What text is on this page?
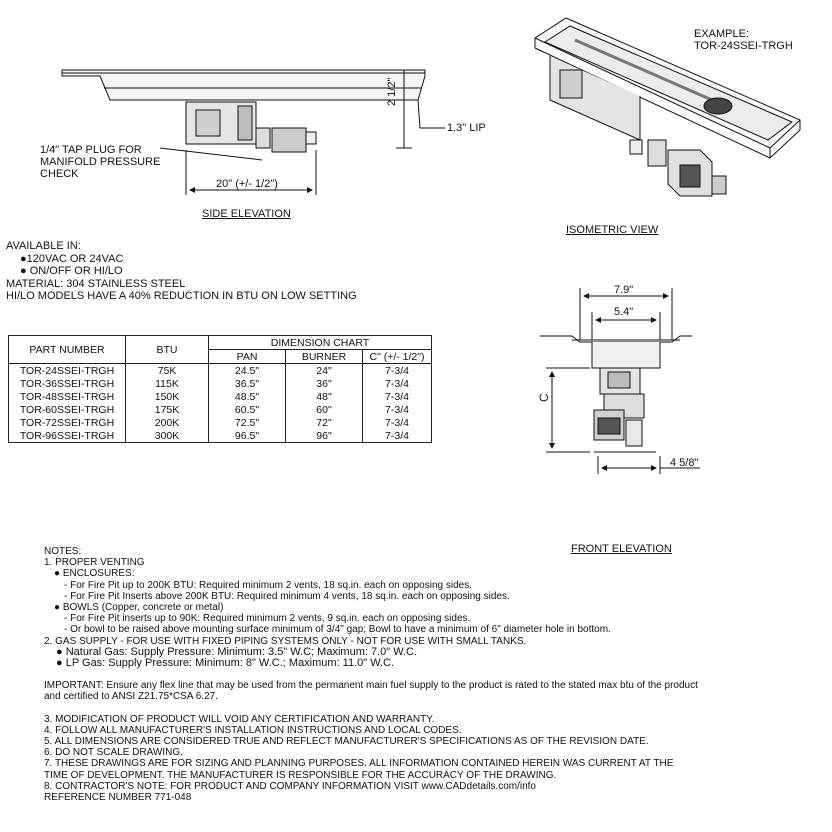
1/4" TAP PLUG FOR
MANIFOLD PRESSURE
CHECK
20" (+/- 1/2")
2 1/2"
1.3" LIP
SIDE ELEVATION
EXAMPLE:
TOR-24SSEI-TRGH
ISOMETRIC VIEW
AVAILABLE IN:
●120VAC OR 24VAC
● ON/OFF OR HI/LO
MATERIAL: 304 STAINLESS STEEL
HI/LO MODELS HAVE A 40% REDUCTION IN BTU ON LOW SETTING
PART NUMBER	BTU	DIMENSION CHART		
		PAN	BURNER	C" (+/- 1/2")
TOR-24SSEI-TRGH	75K	24.5"	24"	7-3/4
TOR-36SSEI-TRGH	115K	36.5"	36"	7-3/4
TOR-48SSEI-TRGH	150K	48.5"	48"	7-3/4
TOR-60SSEI-TRGH	175K	60.5"	60"	7-3/4
TOR-72SSEI-TRGH	200K	72.5"	72"	7-3/4
TOR-96SSEI-TRGH	300K	96.5"	96"	7-3/4
7.9"
5.4"
C
4 5/8"
FRONT ELEVATION
NOTES:
1. PROPER VENTING
● ENCLOSURES:
- For Fire Pit up to 200K BTU: Required minimum 2 vents, 18 sq.in. each on opposing sides.
- For Fire Pit Inserts above 200K BTU: Required minimum 4 vents, 18 sq.in. each on opposing sides.
● BOWLS (Copper, concrete or metal)
- For Fire Pit inserts up to 90K: Required minimum 2 vents, 9 sq.in. each on opposing sides.
- Or bowl to be raised above mounting surface minimum of 3/4" gap; Bowl to have a minimum of 6" diameter hole in bottom.
2. GAS SUPPLY - FOR USE WITH FIXED PIPING SYSTEMS ONLY - NOT FOR USE WITH SMALL TANKS.
● Natural Gas: Supply Pressure: Minimum: 3.5" W.C; Maximum: 7.0" W.C.
● LP Gas: Supply Pressure: Minimum: 8" W.C.; Maximum: 11.0" W.C.
IMPORTANT: Ensure any flex line that may be used from the permanent main fuel supply to the product is rated to the stated max btu of the product
and certified to ANSI Z21.75*CSA 6.27.
3. MODIFICATION OF PRODUCT WILL VOID ANY CERTIFICATION AND WARRANTY.
4. FOLLOW ALL MANUFACTURER'S INSTALLATION INSTRUCTIONS AND LOCAL CODES.
5. ALL DIMENSIONS ARE CONSIDERED TRUE AND REFLECT MANUFACTURER'S SPECIFICATIONS AS OF THE REVISION DATE.
6. DO NOT SCALE DRAWING.
7. THESE DRAWINGS ARE FOR SIZING AND PLANNING PURPOSES. ALL INFORMATION CONTAINED HEREIN WAS CURRENT AT THE
TIME OF DEVELOPMENT. THE MANUFACTURER IS RESPONSIBLE FOR THE ACCURACY OF THE DRAWING.
8. CONTRACTOR'S NOTE: FOR PRODUCT AND COMPANY INFORMATION VISIT www.CADdetails.com/info
REFERENCE NUMBER 771-048
